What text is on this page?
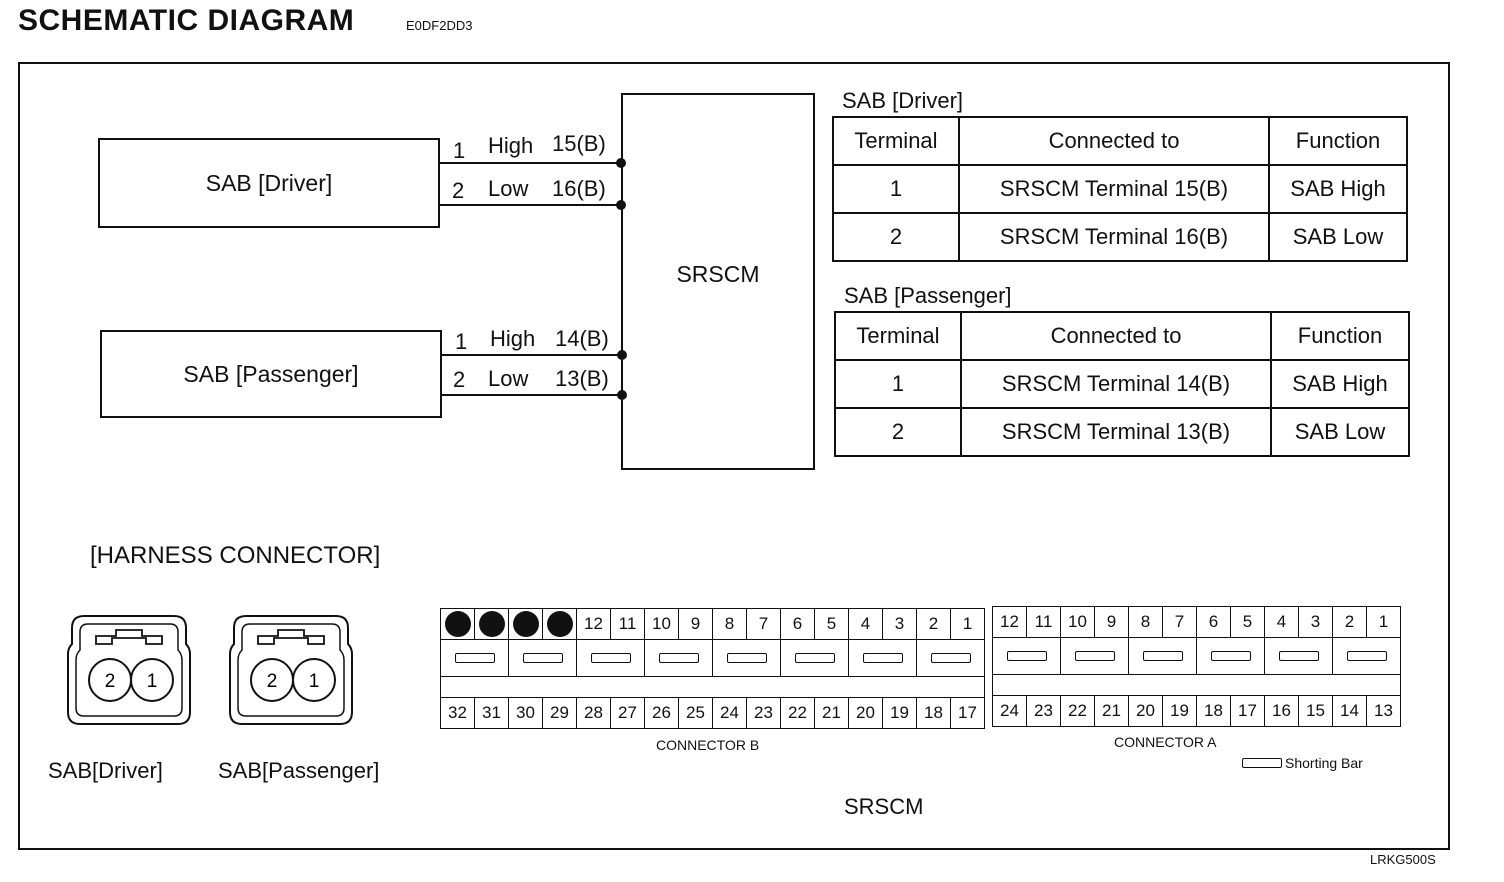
SCHEMATIC DIAGRAM	E0DF2DD3
SAB [Driver]
SAB [Passenger]
SRSCM
1 High 15(B)
2 Low 16(B)
1 High 14(B)
2 Low 13(B)
SAB [Driver]
Terminal	Connected to	Function
1	SRSCM Terminal 15(B)	SAB High
2	SRSCM Terminal 16(B)	SAB Low
SAB [Passenger]
Terminal	Connected to	Function
1	SRSCM Terminal 14(B)	SAB High
2	SRSCM Terminal 13(B)	SAB Low
[HARNESS CONNECTOR]
2 1	2 1
SAB[Driver]	SAB[Passenger]
				12	11	10	9	8	7	6	5	4	3	2	1

32	31	30	29	28	27	26	25	24	23	22	21	20	19	18	17
12	11	10	9	8	7	6	5	4	3	2	1

24	23	22	21	20	19	18	17	16	15	14	13
CONNECTOR B	CONNECTOR A
Shorting Bar
SRSCM
LRKG500S
